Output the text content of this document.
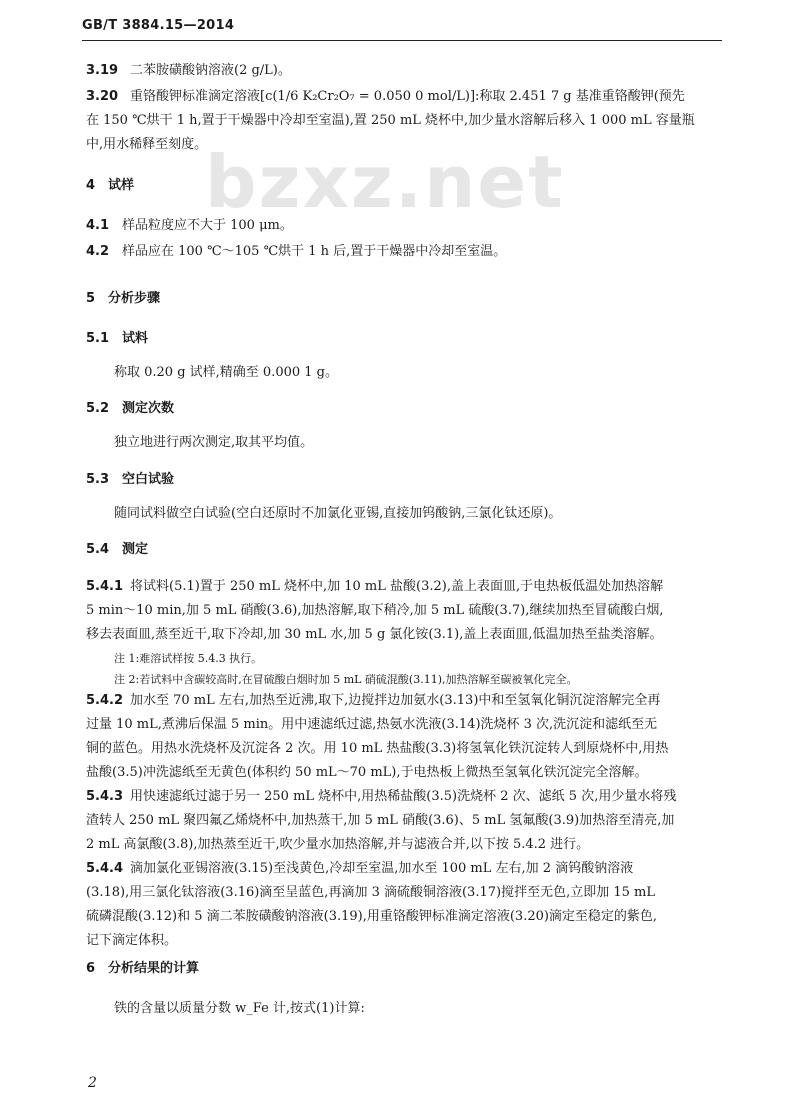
GB/T 3884.15—2014
bzxz.net
3.19 二苯胺磺酸钠溶液(2 g/L)。
3.20 重铬酸钾标准滴定溶液[c(1/6 K₂Cr₂O₇ = 0.050 0 mol/L)]:称取 2.451 7 g 基准重铬酸钾(预先
在 150 ℃烘干 1 h,置于干燥器中冷却至室温),置 250 mL 烧杯中,加少量水溶解后移入 1 000 mL 容量瓶
中,用水稀释至刻度。
4 试样
4.1 样品粒度应不大于 100 μm。
4.2 样品应在 100 ℃～105 ℃烘干 1 h 后,置于干燥器中冷却至室温。
5 分析步骤
5.1 试料
称取 0.20 g 试样,精确至 0.000 1 g。
5.2 测定次数
独立地进行两次测定,取其平均值。
5.3 空白试验
随同试料做空白试验(空白还原时不加氯化亚锡,直接加钨酸钠,三氯化钛还原)。
5.4 测定
5.4.1 将试料(5.1)置于 250 mL 烧杯中,加 10 mL 盐酸(3.2),盖上表面皿,于电热板低温处加热溶解
5 min～10 min,加 5 mL 硝酸(3.6),加热溶解,取下稍冷,加 5 mL 硫酸(3.7),继续加热至冒硫酸白烟,
移去表面皿,蒸至近干,取下冷却,加 30 mL 水,加 5 g 氯化铵(3.1),盖上表面皿,低温加热至盐类溶解。
注 1:难溶试样按 5.4.3 执行。
注 2:若试料中含碳较高时,在冒硫酸白烟时加 5 mL 硝硫混酸(3.11),加热溶解至碳被氧化完全。
5.4.2 加水至 70 mL 左右,加热至近沸,取下,边搅拌边加氨水(3.13)中和至氢氧化铜沉淀溶解完全再
过量 10 mL,煮沸后保温 5 min。用中速滤纸过滤,热氨水洗液(3.14)洗烧杯 3 次,洗沉淀和滤纸至无
铜的蓝色。用热水洗烧杯及沉淀各 2 次。用 10 mL 热盐酸(3.3)将氢氧化铁沉淀转人到原烧杯中,用热
盐酸(3.5)冲洗滤纸至无黄色(体积约 50 mL～70 mL),于电热板上微热至氢氧化铁沉淀完全溶解。
5.4.3 用快速滤纸过滤于另一 250 mL 烧杯中,用热稀盐酸(3.5)洗烧杯 2 次、滤纸 5 次,用少量水将残
渣转人 250 mL 聚四氟乙烯烧杯中,加热蒸干,加 5 mL 硝酸(3.6)、5 mL 氢氟酸(3.9)加热溶至清亮,加
2 mL 高氯酸(3.8),加热蒸至近干,吹少量水加热溶解,并与滤液合并,以下按 5.4.2 进行。
5.4.4 滴加氯化亚锡溶液(3.15)至浅黄色,冷却至室温,加水至 100 mL 左右,加 2 滴钨酸钠溶液
(3.18),用三氯化钛溶液(3.16)滴至呈蓝色,再滴加 3 滴硫酸铜溶液(3.17)搅拌至无色,立即加 15 mL
硫磷混酸(3.12)和 5 滴二苯胺磺酸钠溶液(3.19),用重铬酸钾标准滴定溶液(3.20)滴定至稳定的紫色,
记下滴定体积。
6 分析结果的计算
铁的含量以质量分数 w_Fe 计,按式(1)计算:
2
